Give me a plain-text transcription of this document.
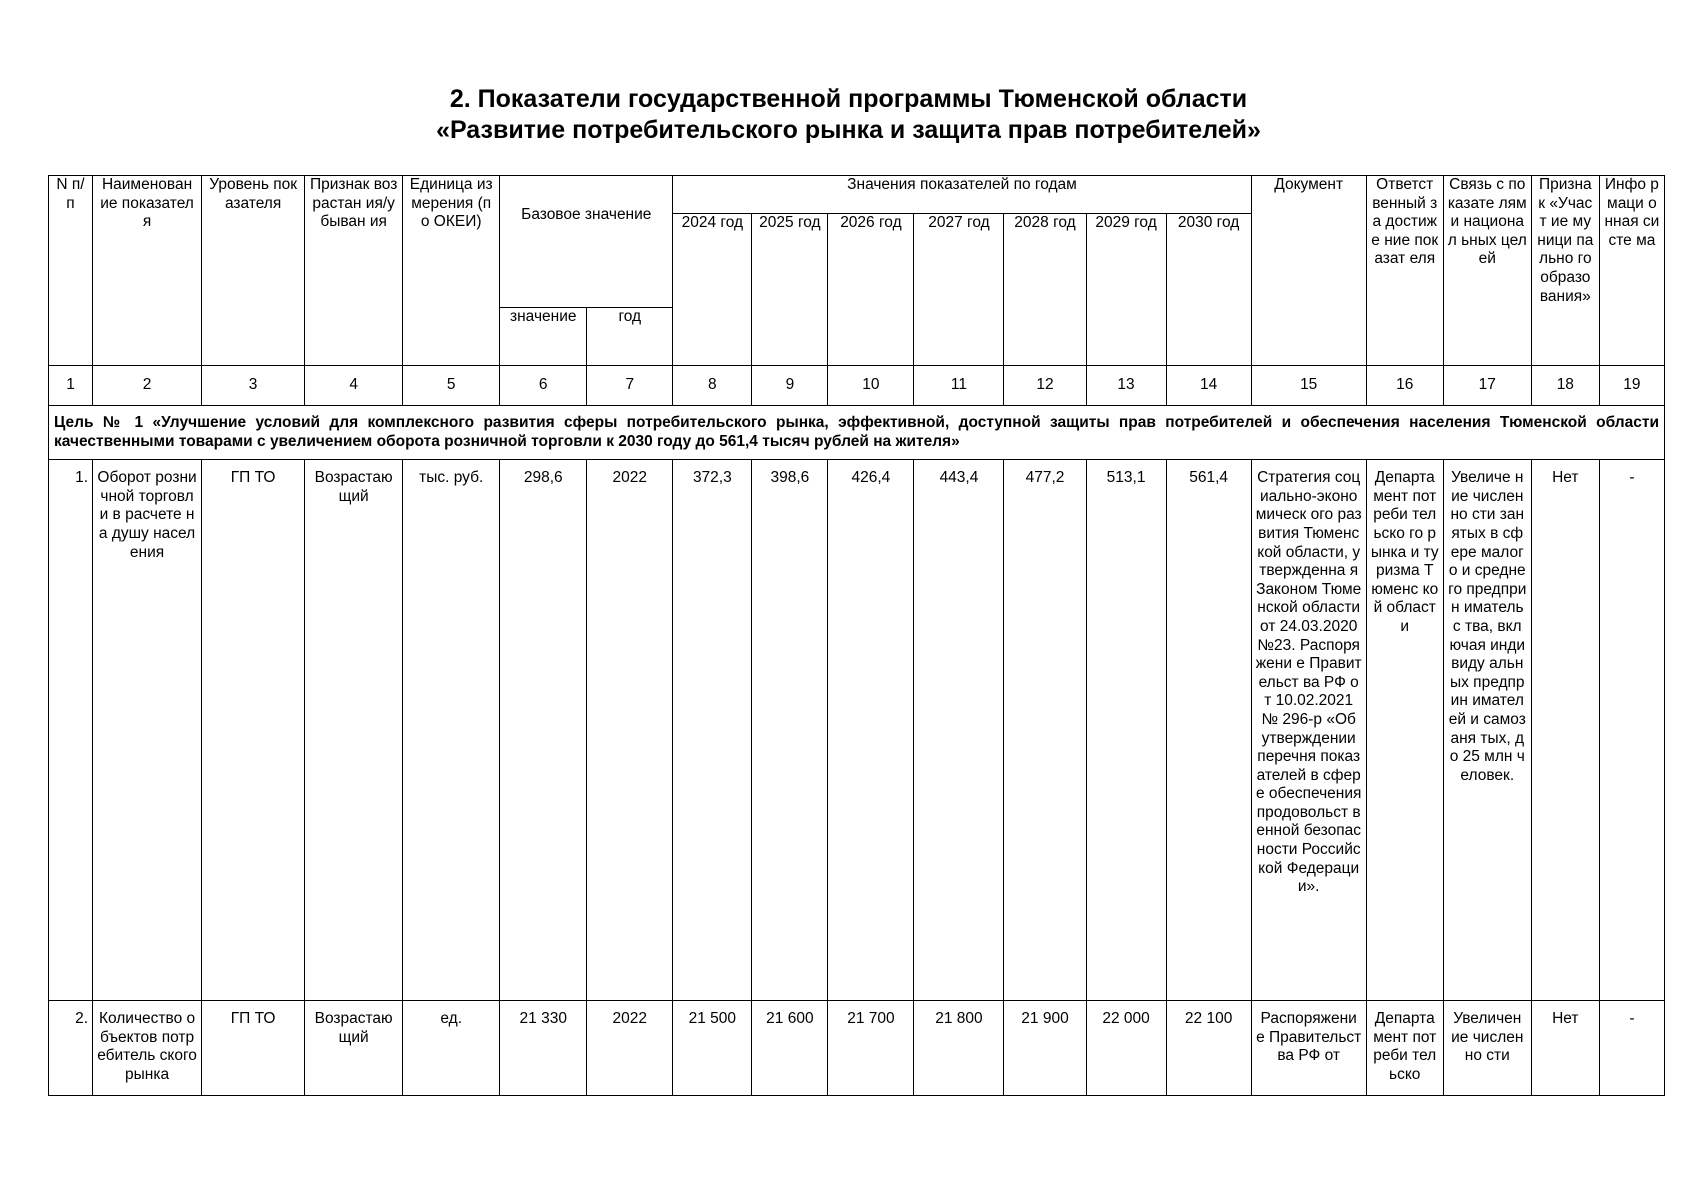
2. Показатели государственной программы Тюменской области
«Развитие потребительского рынка и защита прав потребителей»
N п/п	Наименован ие показателя	Уровень показателя	Признак возрастан ия/убыван ия	Единица измерения (по ОКЕИ)	Базовое значение		Значения показателей по годам							Документ	Ответст венный за достиже ние показат еля	Связь с показате лями национал ьных целей	Призна к «Участ ие муници пально го образо вания»	Инфо рмаци онная систе ма
							2024 год	2025 год	2026 год	2027 год	2028 год	2029 год	2030 год					
					значение	год												
1	2	3	4	5	6	7	8	9	10	11	12	13	14	15	16	17	18	19
Цель № 1 «Улучшение условий для комплексного развития сферы потребительского рынка, эффективной, доступной защиты прав потребителей и обеспечения населения Тюменской области качественными товарами с увеличением оборота розничной торговли к 2030 году до 561,4 тысяч рублей на жителя»																		
1.	Оборот розничной торговли в расчете на душу населения	ГП ТО	Возрастаю щий	тыс. руб.	298,6	2022	372,3	398,6	426,4	443,4	477,2	513,1	561,4	Стратегия социально-экономическ ого развития Тюменской области, утвержденна я Законом Тюменской области от 24.03.2020 №23. Распоряжени е Правительст ва РФ от 10.02.2021 № 296-р «Об утверждении перечня показателей в сфере обеспечения продовольст венной безопасности Российской Федерации».	Департа мент потреби тельско го рынка и туризма Тюменс кой области	Увеличе ние численно сти занятых в сфере малого и среднего предприн имательс тва, включая индивиду альных предприн имателей и самозаня тых, до 25 млн человек.	Нет	-
2.	Количество объектов потребитель ского рынка	ГП ТО	Возрастаю щий	ед.	21 330	2022	21 500	21 600	21 700	21 800	21 900	22 000	22 100	Распоряжени е Правительст ва РФ от	Департа мент потреби тельско	Увеличен ие численно сти	Нет	-
